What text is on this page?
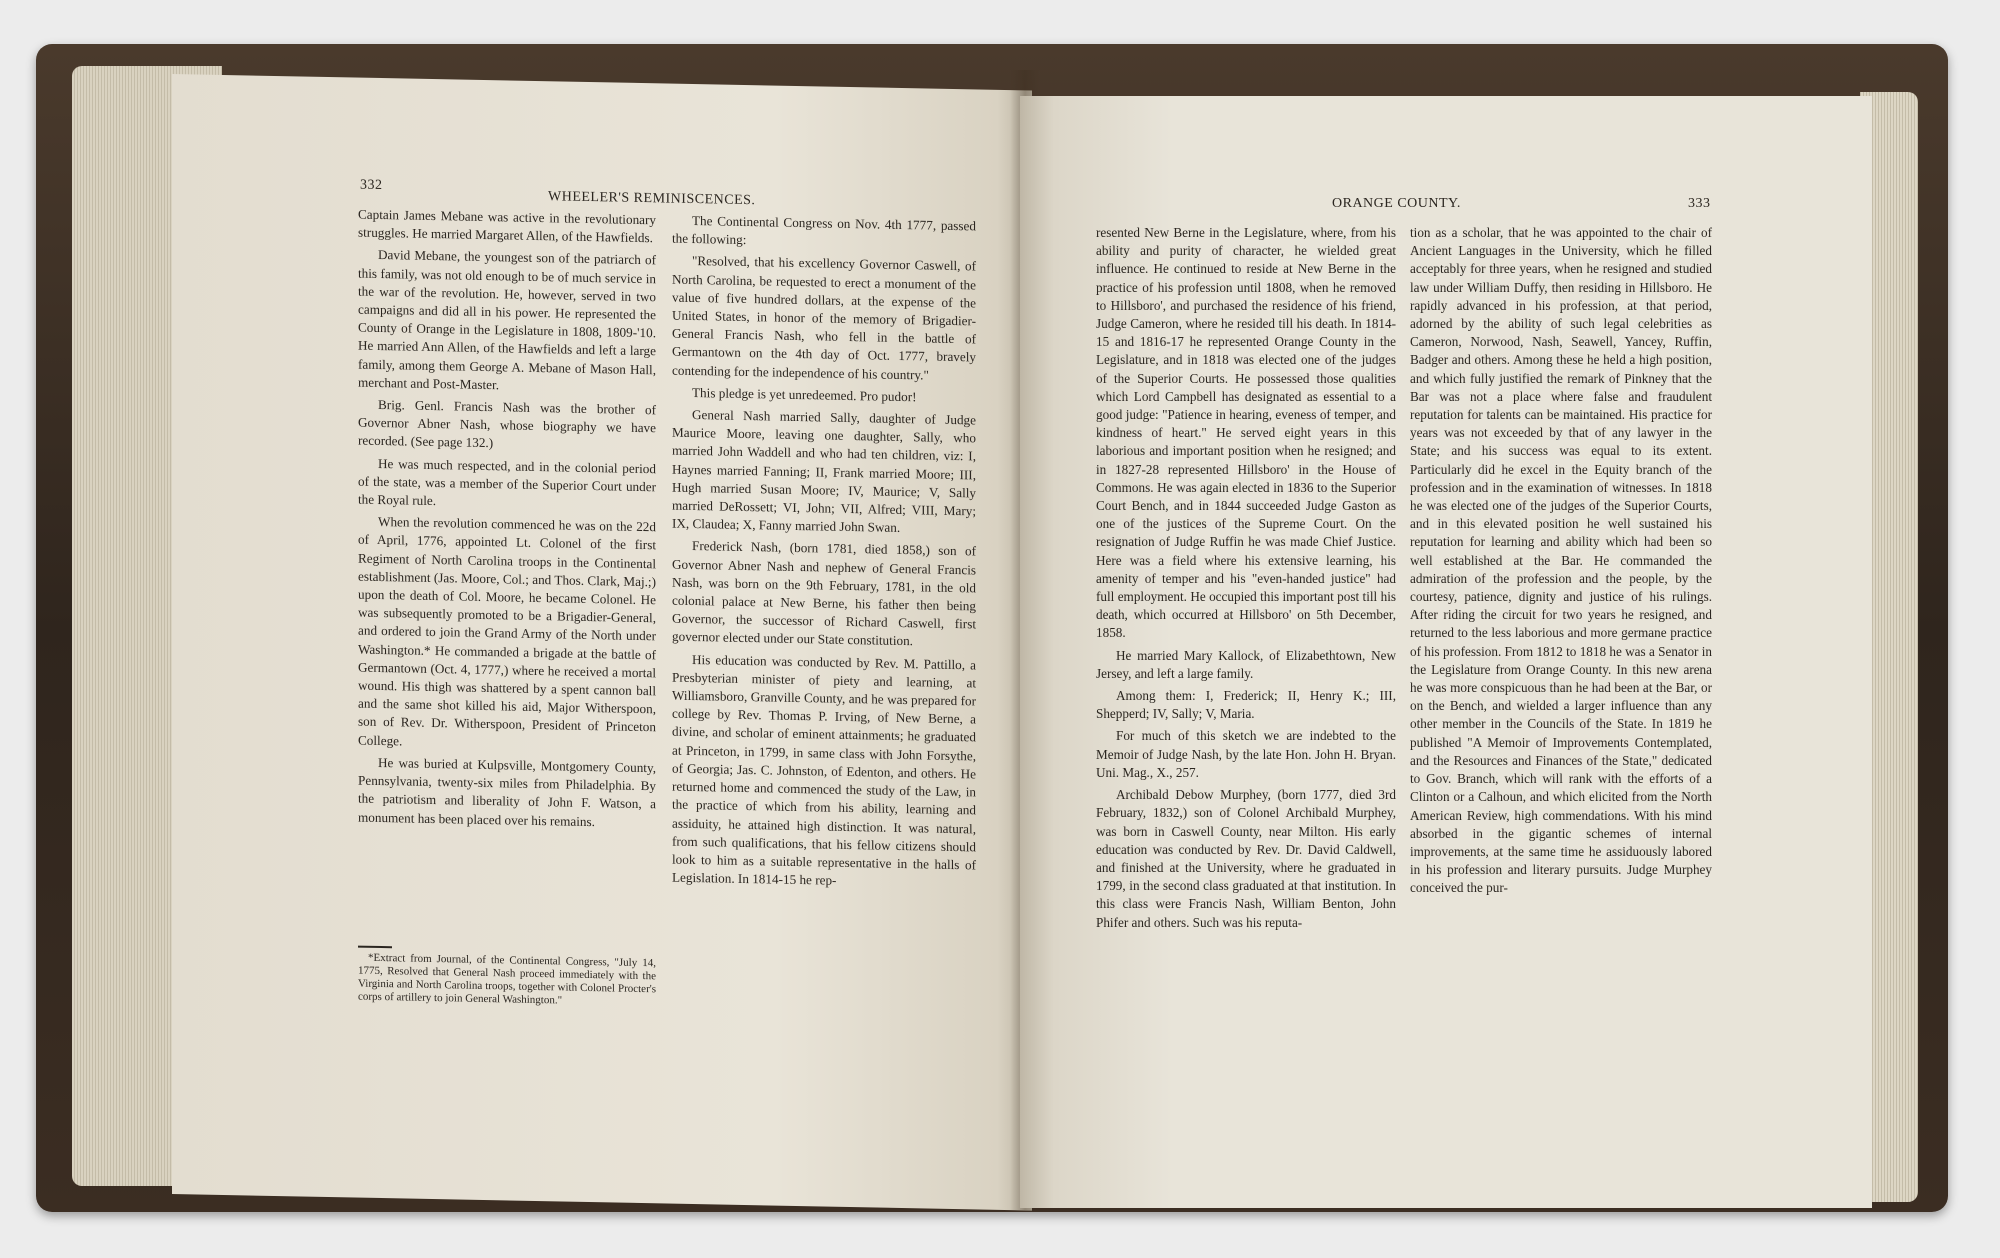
332
WHEELER'S REMINISCENCES.

Captain James Mebane was active in the revolutionary struggles. He married Margaret Allen, of the Hawfields.

David Mebane, the youngest son of the patriarch of this family, was not old enough to be of much service in the war of the revolution. He, however, served in two campaigns and did all in his power. He represented the County of Orange in the Legislature in 1808, 1809-'10. He married Ann Allen, of the Hawfields and left a large family, among them George A. Mebane of Mason Hall, merchant and Post-Master.

Brig. Genl. Francis Nash was the brother of Governor Abner Nash, whose biography we have recorded. (See page 132.)

He was much respected, and in the colonial period of the state, was a member of the Superior Court under the Royal rule.

When the revolution commenced he was on the 22d of April, 1776, appointed Lt. Colonel of the first Regiment of North Carolina troops in the Continental establishment (Jas. Moore, Col.; and Thos. Clark, Maj.;) upon the death of Col. Moore, he became Colonel. He was subsequently promoted to be a Brigadier-General, and ordered to join the Grand Army of the North under Washington.* He commanded a brigade at the battle of Germantown (Oct. 4, 1777,) where he received a mortal wound. His thigh was shattered by a spent cannon ball and the same shot killed his aid, Major Witherspoon, son of Rev. Dr. Witherspoon, President of Princeton College.

He was buried at Kulpsville, Montgomery County, Pennsylvania, twenty-six miles from Philadelphia. By the patriotism and liberality of John F. Watson, a monument has been placed over his remains.

*Extract from Journal, of the Continental Congress, "July 14, 1775, Resolved that General Nash proceed immediately with the Virginia and North Carolina troops, together with Colonel Procter's corps of artillery to join General Washington."

The Continental Congress on Nov. 4th 1777, passed the following:

"Resolved, that his excellency Governor Caswell, of North Carolina, be requested to erect a monument of the value of five hundred dollars, at the expense of the United States, in honor of the memory of Brigadier-General Francis Nash, who fell in the battle of Germantown on the 4th day of Oct. 1777, bravely contending for the independence of his country."

This pledge is yet unredeemed. Pro pudor!

General Nash married Sally, daughter of Judge Maurice Moore, leaving one daughter, Sally, who married John Waddell and who had ten children, viz: I, Haynes married Fanning; II, Frank married Moore; III, Hugh married Susan Moore; IV, Maurice; V, Sally married DeRossett; VI, John; VII, Alfred; VIII, Mary; IX, Claudea; X, Fanny married John Swan.

Frederick Nash, (born 1781, died 1858,) son of Governor Abner Nash and nephew of General Francis Nash, was born on the 9th February, 1781, in the old colonial palace at New Berne, his father then being Governor, the successor of Richard Caswell, first governor elected under our State constitution.

His education was conducted by Rev. M. Pattillo, a Presbyterian minister of piety and learning, at Williamsboro, Granville County, and he was prepared for college by Rev. Thomas P. Irving, of New Berne, a divine, and scholar of eminent attainments; he graduated at Princeton, in 1799, in same class with John Forsythe, of Georgia; Jas. C. Johnston, of Edenton, and others. He returned home and commenced the study of the Law, in the practice of which from his ability, learning and assiduity, he attained high distinction. It was natural, from such qualifications, that his fellow citizens should look to him as a suitable representative in the halls of Legislation. In 1814-15 he rep-

ORANGE COUNTY.	333

resented New Berne in the Legislature, where, from his ability and purity of character, he wielded great influence. He continued to reside at New Berne in the practice of his profession until 1808, when he removed to Hillsboro', and purchased the residence of his friend, Judge Cameron, where he resided till his death. In 1814-15 and 1816-17 he represented Orange County in the Legislature, and in 1818 was elected one of the judges of the Superior Courts. He possessed those qualities which Lord Campbell has designated as essential to a good judge: "Patience in hearing, eveness of temper, and kindness of heart." He served eight years in this laborious and important position when he resigned; and in 1827-28 represented Hillsboro' in the House of Commons. He was again elected in 1836 to the Superior Court Bench, and in 1844 succeeded Judge Gaston as one of the justices of the Supreme Court. On the resignation of Judge Ruffin he was made Chief Justice. Here was a field where his extensive learning, his amenity of temper and his "even-handed justice" had full employment. He occupied this important post till his death, which occurred at Hillsboro' on 5th December, 1858.

He married Mary Kallock, of Elizabethtown, New Jersey, and left a large family.

Among them: I, Frederick; II, Henry K.; III, Shepperd; IV, Sally; V, Maria.

For much of this sketch we are indebted to the Memoir of Judge Nash, by the late Hon. John H. Bryan. Uni. Mag., X., 257.

Archibald Debow Murphey, (born 1777, died 3rd February, 1832,) son of Colonel Archibald Murphey, was born in Caswell County, near Milton. His early education was conducted by Rev. Dr. David Caldwell, and finished at the University, where he graduated in 1799, in the second class graduated at that institution. In this class were Francis Nash, William Benton, John Phifer and others. Such was his reputa-

tion as a scholar, that he was appointed to the chair of Ancient Languages in the University, which he filled acceptably for three years, when he resigned and studied law under William Duffy, then residing in Hillsboro. He rapidly advanced in his profession, at that period, adorned by the ability of such legal celebrities as Cameron, Norwood, Nash, Seawell, Yancey, Ruffin, Badger and others. Among these he held a high position, and which fully justified the remark of Pinkney that the Bar was not a place where false and fraudulent reputation for talents can be maintained. His practice for years was not exceeded by that of any lawyer in the State; and his success was equal to its extent. Particularly did he excel in the Equity branch of the profession and in the examination of witnesses. In 1818 he was elected one of the judges of the Superior Courts, and in this elevated position he well sustained his reputation for learning and ability which had been so well established at the Bar. He commanded the admiration of the profession and the people, by the courtesy, patience, dignity and justice of his rulings. After riding the circuit for two years he resigned, and returned to the less laborious and more germane practice of his profession. From 1812 to 1818 he was a Senator in the Legislature from Orange County. In this new arena he was more conspicuous than he had been at the Bar, or on the Bench, and wielded a larger influence than any other member in the Councils of the State. In 1819 he published "A Memoir of Improvements Contemplated, and the Resources and Finances of the State," dedicated to Gov. Branch, which will rank with the efforts of a Clinton or a Calhoun, and which elicited from the North American Review, high commendations. With his mind absorbed in the gigantic schemes of internal improvements, at the same time he assiduously labored in his profession and literary pursuits. Judge Murphey conceived the pur-
